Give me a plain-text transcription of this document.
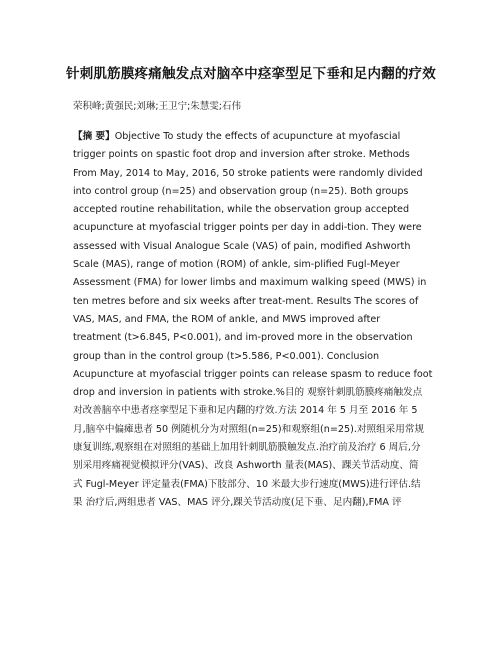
针刺肌筋膜疼痛触发点对脑卒中痉挛型足下垂和足内翻的疗效
荣积峰;黄强民;刘琳;王卫宁;朱慧雯;石伟
【摘 要】Objective To study the effects of acupuncture at myofascial
trigger points on spastic foot drop and inversion after stroke. Methods
From May, 2014 to May, 2016, 50 stroke patients were randomly divided
into control group (n=25) and observation group (n=25). Both groups
accepted routine rehabilitation, while the observation group accepted
acupuncture at myofascial trigger points per day in addi-tion. They were
assessed with Visual Analogue Scale (VAS) of pain, modified Ashworth
Scale (MAS), range of motion (ROM) of ankle, sim-plified Fugl-Meyer
Assessment (FMA) for lower limbs and maximum walking speed (MWS) in
ten metres before and six weeks after treat-ment. Results The scores of
VAS, MAS, and FMA, the ROM of ankle, and MWS improved after
treatment (t>6.845, P<0.001), and im-proved more in the observation
group than in the control group (t>5.586, P<0.001). Conclusion
Acupuncture at myofascial trigger points can release spasm to reduce foot
drop and inversion in patients with stroke.%目的 观察针刺肌筋膜疼痛触发点
对改善脑卒中患者痉挛型足下垂和足内翻的疗效.方法 2014 年 5 月至 2016 年 5
月,脑卒中偏瘫患者 50 例随机分为对照组(n=25)和观察组(n=25).对照组采用常规
康复训练,观察组在对照组的基础上加用针刺肌筋膜触发点.治疗前及治疗 6 周后,分
别采用疼痛视觉模拟评分(VAS)、改良 Ashworth 量表(MAS)、踝关节活动度、简
式 Fugl-Meyer 评定量表(FMA)下肢部分、10 米最大步行速度(MWS)进行评估.结
果 治疗后,两组患者 VAS、MAS 评分,踝关节活动度(足下垂、足内翻),FMA 评
